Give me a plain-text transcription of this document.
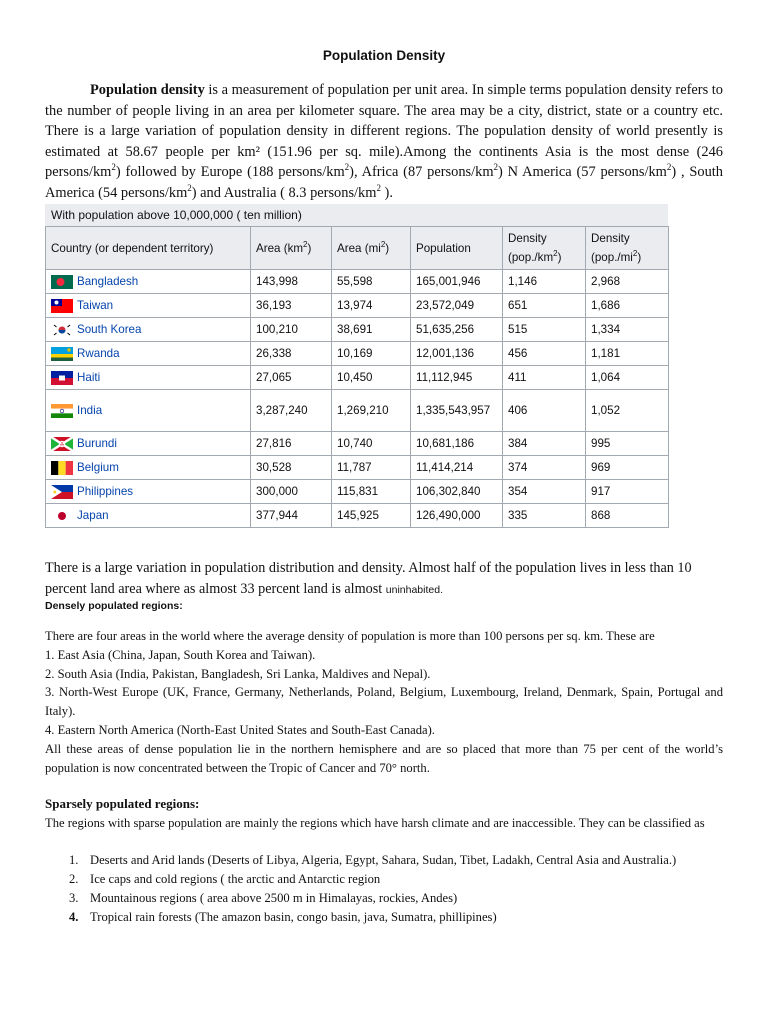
Population Density

Population density is a measurement of population per unit area. In simple terms population density refers to the number of people living in an area per kilometer square. The area may be a city, district, state or a country etc. There is a large variation of population density in different regions. The population density of world presently is estimated at 58.67 people per km² (151.96 per sq. mile).Among the continents Asia is the most dense (246 persons/$km^2$) followed by Europe (188 persons/$km^2$), Africa (87 persons/$km^2$) N America (57 persons/$km^2$) , South America (54 persons/$km^2$) and Australia ( 8.3 persons/$km^2$ ).

With population above 10,000,000 ( ten million)
Country (or dependent territory)	Area $(km^2)$	Area $(mi^2)$	Population	Density $(pop./km^2)$	Density $(pop./mi^2)$

Bangladesh	143,998	55,598	165,001,946	1,146	2,968

Taiwan	36,193	13,974	23,572,049	651	1,686

South Korea	100,210	38,691	51,635,256	515	1,334

Rwanda	26,338	10,169	12,001,136	456	1,181

Haiti	27,065	10,450	11,112,945	411	1,064

India	3,287,240	1,269,210	1,335,543,957	406	1,052

Burundi	27,816	10,740	10,681,186	384	995

Belgium	30,528	11,787	11,414,214	374	969

Philippines	300,000	115,831	106,302,840	354	917

Japan	377,944	145,925	126,490,000	335	868

There is a large variation in population distribution and density. Almost half of the population lives in less than 10 percent land area where as almost 33 percent land is almost uninhabited.

Densely populated regions:

There are four areas in the world where the average density of population is more than 100 persons per sq. km. These are
1. East Asia (China, Japan, South Korea and Taiwan).
2. South Asia (India, Pakistan, Bangladesh, Sri Lanka, Maldives and Nepal).
3. North-West Europe (UK, France, Germany, Netherlands, Poland, Belgium, Luxembourg, Ireland, Denmark, Spain, Portugal and Italy).
4. Eastern North America (North-East United States and South-East Canada).
All these areas of dense population lie in the northern hemisphere and are so placed that more than 75 per cent of the world’s population is now concentrated between the Tropic of Cancer and 70° north.

Sparsely populated regions:

The regions with sparse population are mainly the regions which have harsh climate and are inaccessible. They can be classified as
1. Deserts and Arid lands (Deserts of Libya, Algeria, Egypt, Sahara, Sudan, Tibet, Ladakh, Central Asia and Australia.)
2. Ice caps and cold regions ( the arctic and Antarctic region
3. Mountainous regions ( area above 2500 m in Himalayas, rockies, Andes)
4. Tropical rain forests (The amazon basin, congo basin, java, Sumatra, phillipines)
